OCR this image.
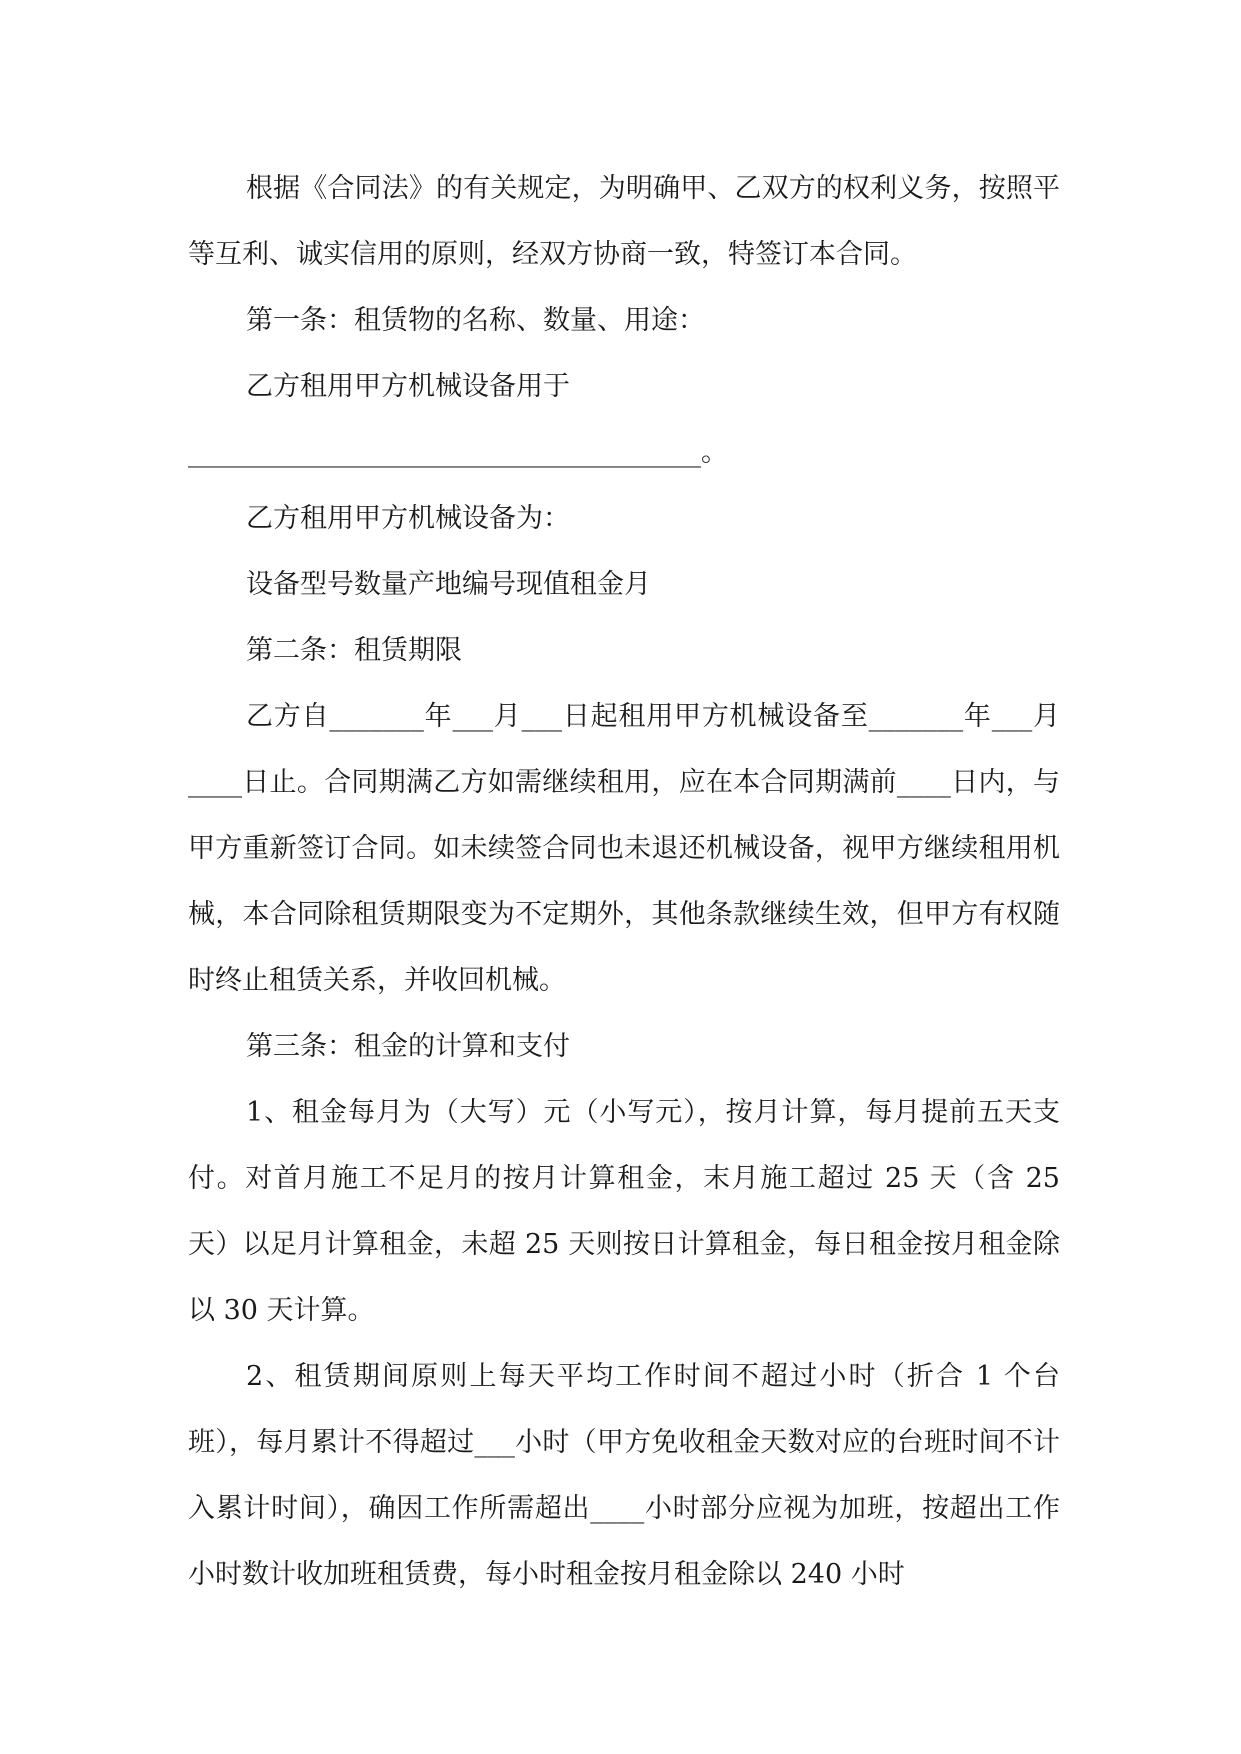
根据《合同法》的有关规定，为明确甲、乙双方的权利义务，按照平等互利、诚实信用的原则，经双方协商一致，特签订本合同。

第一条：租赁物的名称、数量、用途：

乙方租用甲方机械设备用于

______________________________________。

乙方租用甲方机械设备为：

设备型号数量产地编号现值租金月

第二条：租赁期限

乙方自_______年___月___日起租用甲方机械设备至_______年___月____日止。合同期满乙方如需继续租用，应在本合同期满前____日内，与甲方重新签订合同。如未续签合同也未退还机械设备，视甲方继续租用机械，本合同除租赁期限变为不定期外，其他条款继续生效，但甲方有权随时终止租赁关系，并收回机械。

第三条：租金的计算和支付

1、租金每月为（大写）元（小写元），按月计算，每月提前五天支付。对首月施工不足月的按月计算租金，末月施工超过 25 天（含 25 天）以足月计算租金，未超 25 天则按日计算租金，每日租金按月租金除以 30 天计算。

2、租赁期间原则上每天平均工作时间不超过小时（折合 1 个台班），每月累计不得超过___小时（甲方免收租金天数对应的台班时间不计入累计时间），确因工作所需超出____小时部分应视为加班，按超出工作小时数计收加班租赁费，每小时租金按月租金除以 240 小时
